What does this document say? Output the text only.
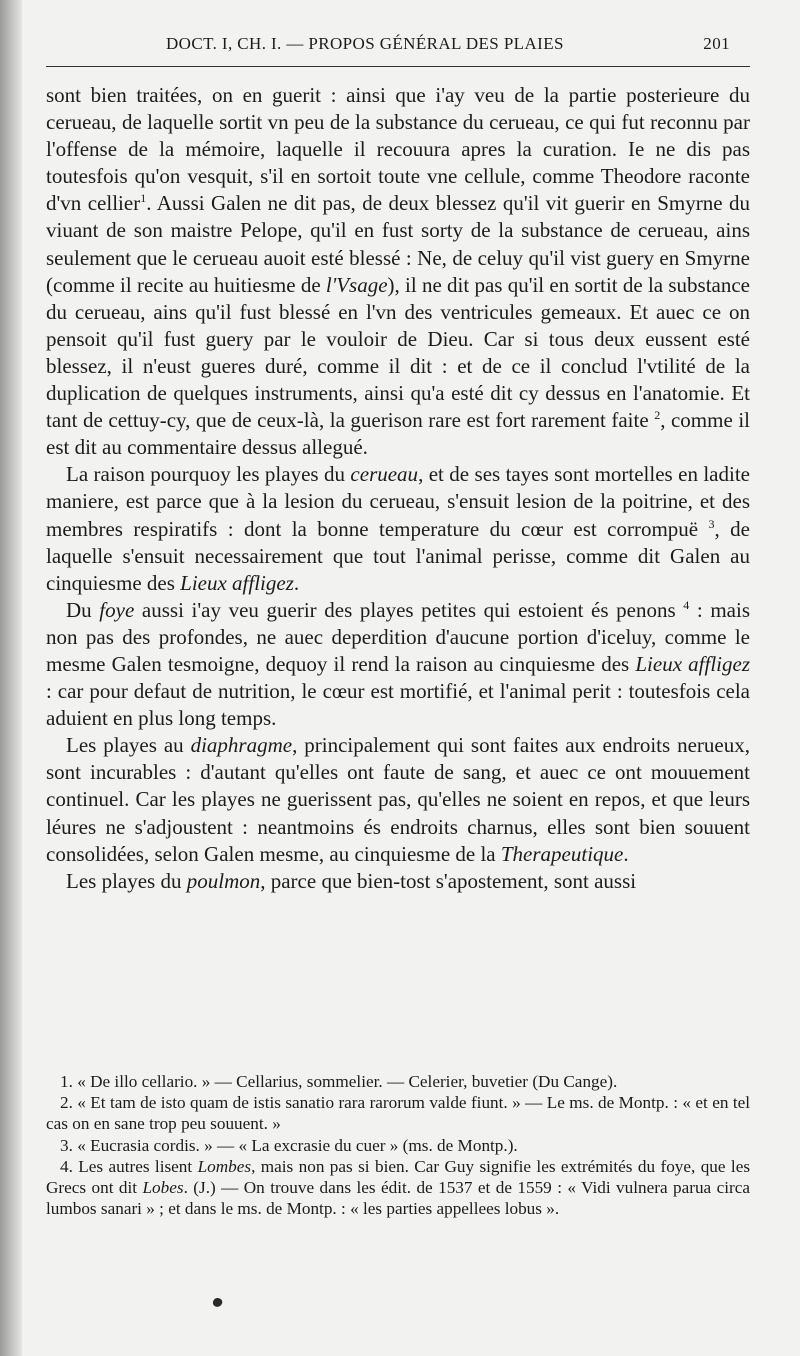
DOCT. I, CH. I. — PROPOS GÉNÉRAL DES PLAIES	201

sont bien traitées, on en guerit : ainsi que i'ay veu de la partie posterieure du cerueau, de laquelle sortit vn peu de la substance du cerueau, ce qui fut reconnu par l'offense de la mémoire, laquelle il recouura apres la curation. Ie ne dis pas toutesfois qu'on vesquit, s'il en sortoit toute vne cellule, comme Theodore raconte d'vn cellier$^1$. Aussi Galen ne dit pas, de deux blessez qu'il vit guerir en Smyrne du viuant de son maistre Pelope, qu'il en fust sorty de la substance de cerueau, ains seulement que le cerueau auoit esté blessé : Ne, de celuy qu'il vist guery en Smyrne (comme il recite au huitiesme de l'Vsage), il ne dit pas qu'il en sortit de la substance du cerueau, ains qu'il fust blessé en l'vn des ventricules gemeaux. Et auec ce on pensoit qu'il fust guery par le vouloir de Dieu. Car si tous deux eussent esté blessez, il n'eust gueres duré, comme il dit : et de ce il conclud l'vtilité de la duplication de quelques instruments, ainsi qu'a esté dit cy dessus en l'anatomie. Et tant de cettuy-cy, que de ceux-là, la guerison rare est fort rarement faite $^2$, comme il est dit au commentaire dessus allegué.

La raison pourquoy les playes du cerueau, et de ses tayes sont mortelles en ladite maniere, est parce que à la lesion du cerueau, s'ensuit lesion de la poitrine, et des membres respiratifs : dont la bonne temperature du cœur est corrompuë $^3$, de laquelle s'ensuit necessairement que tout l'animal perisse, comme dit Galen au cinquiesme des Lieux affligez.

Du foye aussi i'ay veu guerir des playes petites qui estoient és penons $^4$ : mais non pas des profondes, ne auec deperdition d'aucune portion d'iceluy, comme le mesme Galen tesmoigne, dequoy il rend la raison au cinquiesme des Lieux affligez : car pour defaut de nutrition, le cœur est mortifié, et l'animal perit : toutesfois cela aduient en plus long temps.

Les playes au diaphragme, principalement qui sont faites aux endroits nerueux, sont incurables : d'autant qu'elles ont faute de sang, et auec ce ont mouuement continuel. Car les playes ne guerissent pas, qu'elles ne soient en repos, et que leurs léures ne s'adjoustent : neantmoins és endroits charnus, elles sont bien souuent consolidées, selon Galen mesme, au cinquiesme de la Therapeutique.

Les playes du poulmon, parce que bien-tost s'apostement, sont aussi

1. « De illo cellario. » — Cellarius, sommelier. — Celerier, buvetier (Du Cange).

2. « Et tam de isto quam de istis sanatio rara rarorum valde fiunt. » — Le ms. de Montp. : « et en tel cas on en sane trop peu souuent. »

3. « Eucrasia cordis. » — « La excrasie du cuer » (ms. de Montp.).

4. Les autres lisent Lombes, mais non pas si bien. Car Guy signifie les extrémités du foye, que les Grecs ont dit Lobes. (J.) — On trouve dans les édit. de 1537 et de 1559 : « Vidi vulnera parua circa lumbos sanari » ; et dans le ms. de Montp. : « les parties appellees lobus ».
